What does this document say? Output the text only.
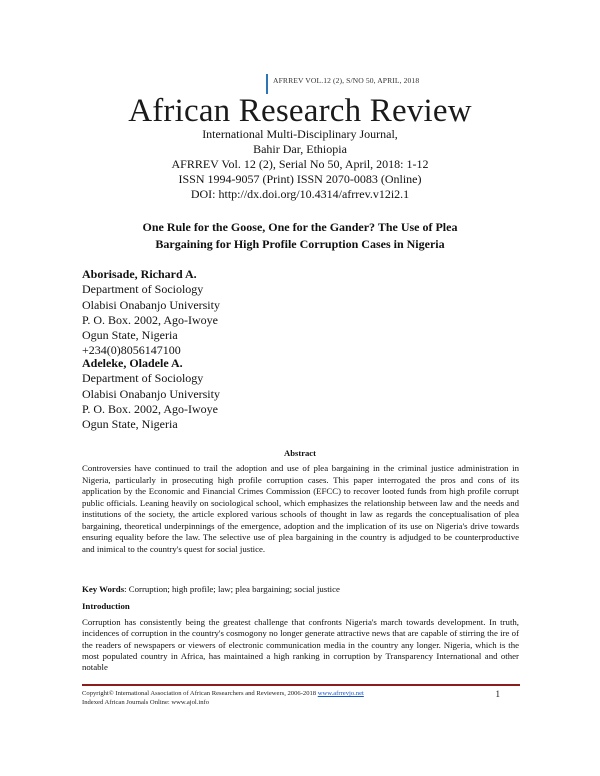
AFRREV VOL.12 (2), S/NO 50, APRIL, 2018
African Research Review
International Multi-Disciplinary Journal,
Bahir Dar, Ethiopia
AFRREV Vol. 12 (2), Serial No 50, April, 2018: 1-12
ISSN 1994-9057 (Print) ISSN 2070-0083 (Online)
DOI: http://dx.doi.org/10.4314/afrrev.v12i2.1
One Rule for the Goose, One for the Gander? The Use of Plea
Bargaining for High Profile Corruption Cases in Nigeria
Aborisade, Richard A.
Department of Sociology
Olabisi Onabanjo University
P. O. Box. 2002, Ago-Iwoye
Ogun State, Nigeria
+234(0)8056147100
Adeleke, Oladele A.
Department of Sociology
Olabisi Onabanjo University
P. O. Box. 2002, Ago-Iwoye
Ogun State, Nigeria
Abstract
Controversies have continued to trail the adoption and use of plea bargaining in the criminal justice administration in Nigeria, particularly in prosecuting high profile corruption cases. This paper interrogated the pros and cons of its application by the Economic and Financial Crimes Commission (EFCC) to recover looted funds from high profile corrupt public officials. Leaning heavily on sociological school, which emphasizes the relationship between law and the needs and institutions of the society, the article explored various schools of thought in law as regards the conceptualisation of plea bargaining, theoretical underpinnings of the emergence, adoption and the implication of its use on Nigeria's drive towards ensuring equality before the law. The selective use of plea bargaining in the country is adjudged to be counterproductive and inimical to the country's quest for social justice.
Key Words: Corruption; high profile; law; plea bargaining; social justice
Introduction
Corruption has consistently being the greatest challenge that confronts Nigeria's march towards development. In truth, incidences of corruption in the country's cosmogony no longer generate attractive news that are capable of stirring the ire of the readers of newspapers or viewers of electronic communication media in the country any longer. Nigeria, which is the most populated country in Africa, has maintained a high ranking in corruption by Transparency International and other notable
Copyright© International Association of African Researchers and Reviewers, 2006-2018 www.afrrevjo.net
Indexed African Journals Online: www.ajol.info
1
